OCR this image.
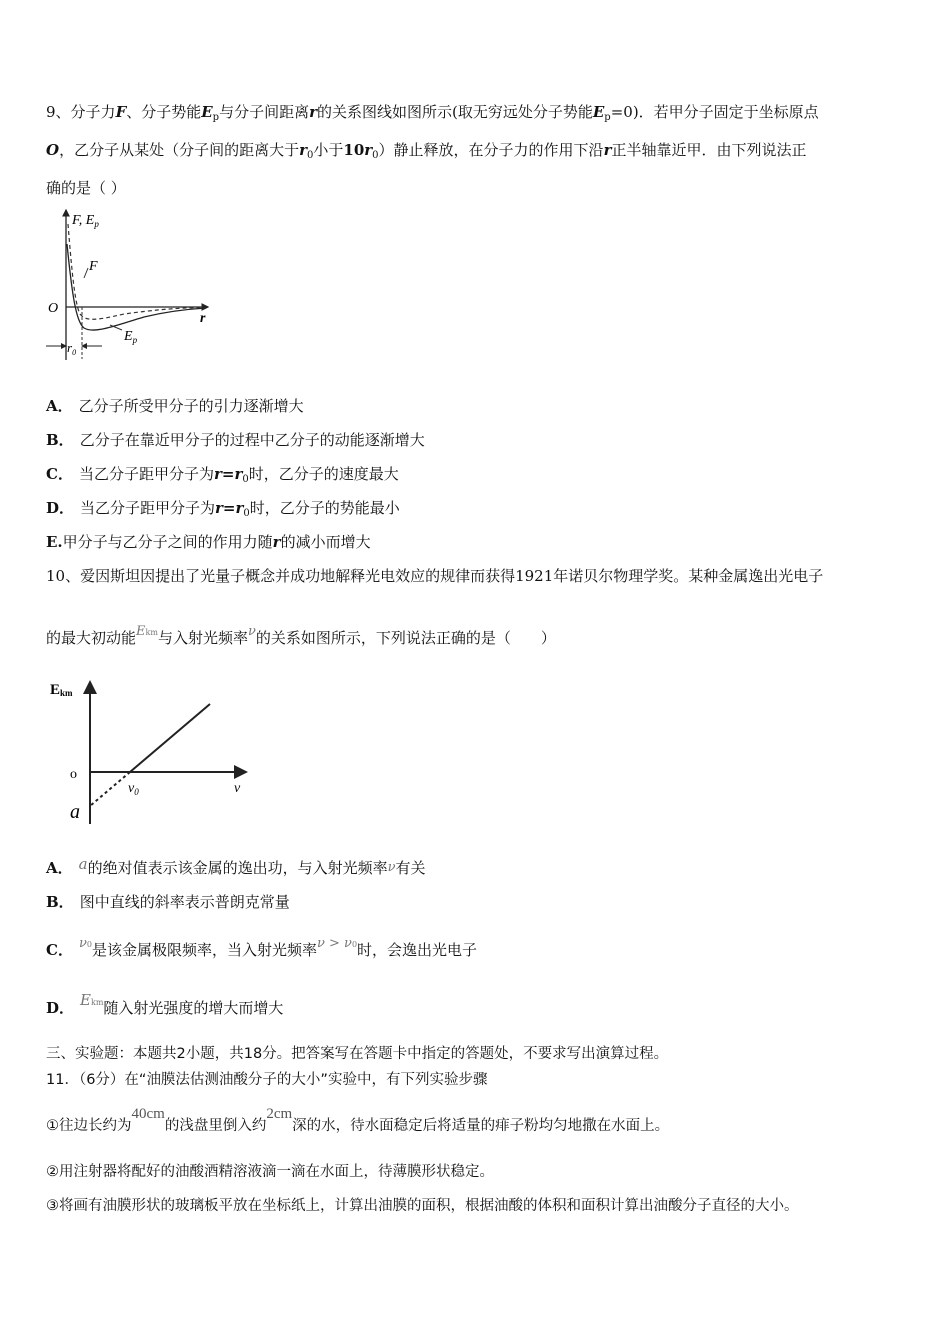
9、分子力F、分子势能$E_p$与分子间距离r的关系图线如图所示(取无穷远处分子势能$E_p=0$)．若甲分子固定于坐标原点
O，乙分子从某处（分子间的距离大于$r_0$小于$10r_0$）静止释放，在分子力的作用下沿r正半轴靠近甲．由下列说法正
确的是（ ）
F, $E_p$
F
$E_p$
O
r
$r_0$
A． 乙分子所受甲分子的引力逐渐增大
B． 乙分子在靠近甲分子的过程中乙分子的动能逐渐增大
C． 当乙分子距甲分子为$r=r_0$时，乙分子的速度最大
D． 当乙分子距甲分子为$r=r_0$时，乙分子的势能最小
E.甲分子与乙分子之间的作用力随r的减小而增大
10、爱因斯坦因提出了光量子概念并成功地解释光电效应的规律而获得1921年诺贝尔物理学奖。某种金属逸出光电子
的最大初动能Ekm与入射光频率ν的关系如图所示，下列说法正确的是（　　）
Ekm
o
$\nu_0$	v
a
A． a的绝对值表示该金属的逸出功，与入射光频率ν有关
B． 图中直线的斜率表示普朗克常量
C． ν0是该金属极限频率，当入射光频率ν > ν0时，会逸出光电子
D． Ekm随入射光强度的增大而增大
三、实验题：本题共2小题，共18分。把答案写在答题卡中指定的答题处，不要求写出演算过程。
11．（6分）在“油膜法估测油酸分子的大小”实验中，有下列实验步骤
①往边长约为40cm的浅盘里倒入约2cm深的水，待水面稳定后将适量的痱子粉均匀地撒在水面上。
②用注射器将配好的油酸酒精溶液滴一滴在水面上，待薄膜形状稳定。
③将画有油膜形状的玻璃板平放在坐标纸上，计算出油膜的面积，根据油酸的体积和面积计算出油酸分子直径的大小。
